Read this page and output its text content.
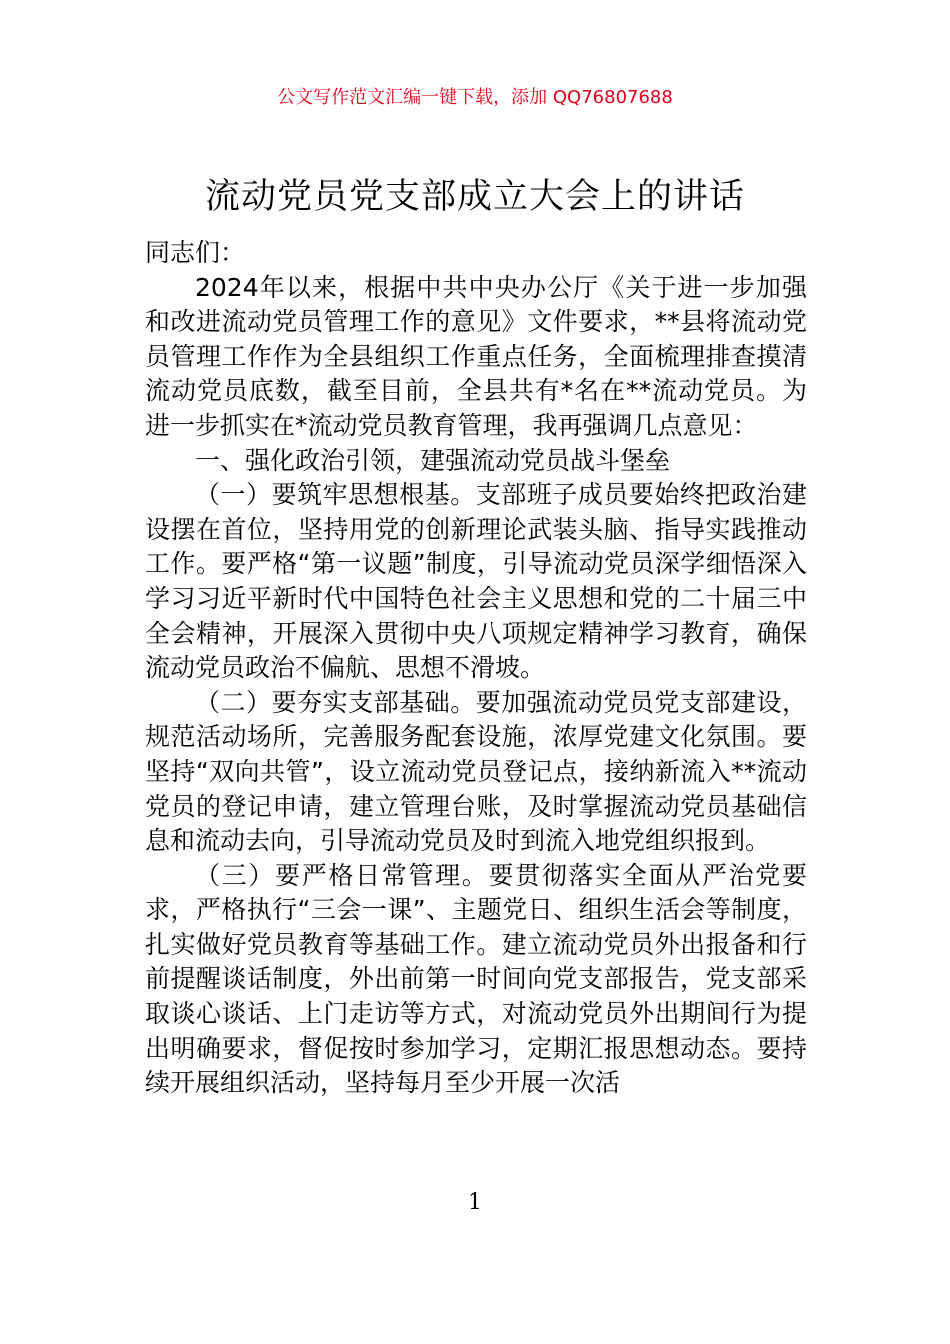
公文写作范文汇编一键下载，添加 QQ76807688
流动党员党支部成立大会上的讲话

同志们：

2024年以来，根据中共中央办公厅《关于进一步加强和改进流动党员管理工作的意见》文件要求，**县将流动党员管理工作作为全县组织工作重点任务，全面梳理排查摸清流动党员底数，截至目前，全县共有*名在**流动党员。为进一步抓实在*流动党员教育管理，我再强调几点意见：

一、强化政治引领，建强流动党员战斗堡垒

（一）要筑牢思想根基。支部班子成员要始终把政治建设摆在首位，坚持用党的创新理论武装头脑、指导实践推动工作。要严格“第一议题”制度，引导流动党员深学细悟深入学习习近平新时代中国特色社会主义思想和党的二十届三中全会精神，开展深入贯彻中央八项规定精神学习教育，确保流动党员政治不偏航、思想不滑坡。

（二）要夯实支部基础。要加强流动党员党支部建设，规范活动场所，完善服务配套设施，浓厚党建文化氛围。要坚持“双向共管”，设立流动党员登记点，接纳新流入**流动党员的登记申请，建立管理台账，及时掌握流动党员基础信息和流动去向，引导流动党员及时到流入地党组织报到。

（三）要严格日常管理。要贯彻落实全面从严治党要求，严格执行“三会一课”、主题党日、组织生活会等制度，扎实做好党员教育等基础工作。建立流动党员外出报备和行前提醒谈话制度，外出前第一时间向党支部报告，党支部采取谈心谈话、上门走访等方式，对流动党员外出期间行为提出明确要求，督促按时参加学习，定期汇报思想动态。要持续开展组织活动，坚持每月至少开展一次活

1
